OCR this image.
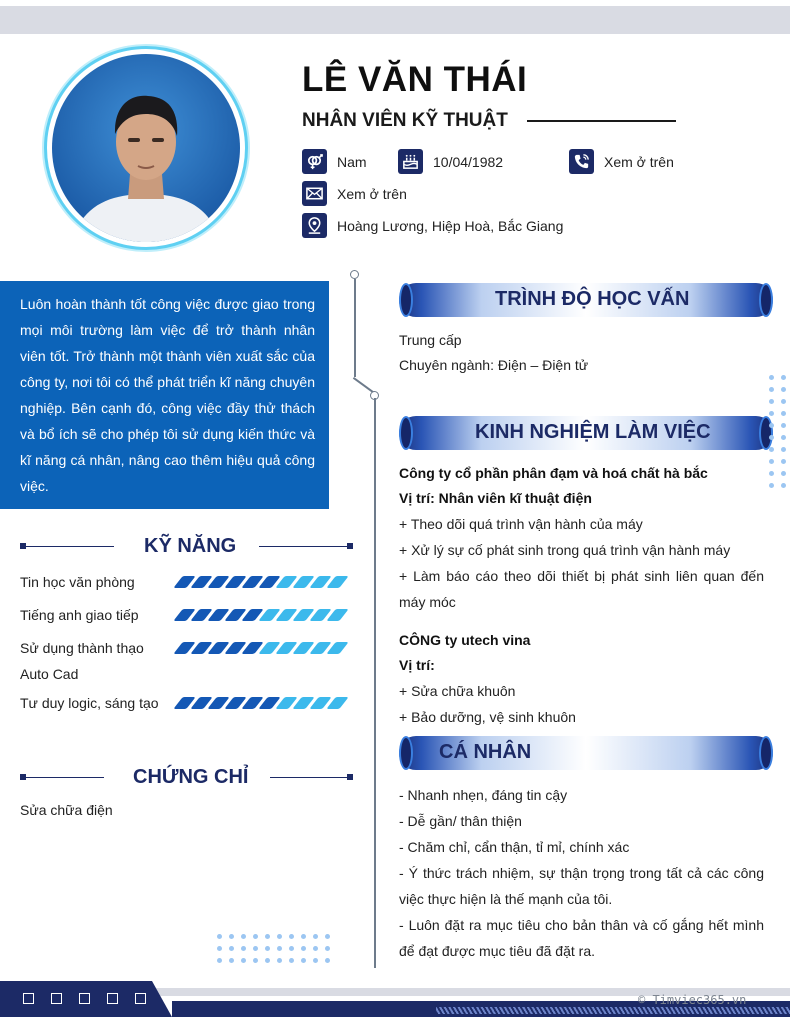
LÊ VĂN THÁI
NHÂN VIÊN KỸ THUẬT
Nam	10/04/1982	Xem ở trên
Xem ở trên
Hoàng Lương, Hiệp Hoà, Bắc Giang
Luôn hoàn thành tốt công việc được giao trong mọi môi trường làm việc để trở thành nhân viên tốt. Trở thành một thành viên xuất sắc của công ty, nơi tôi có thể phát triển kĩ năng chuyên nghiệp. Bên cạnh đó, công việc đầy thử thách và bổ ích sẽ cho phép tôi sử dụng kiến thức và kĩ năng cá nhân, nâng cao thêm hiệu quả công việc.
KỸ NĂNG
Tin học văn phòng
Tiếng anh giao tiếp
Sử dụng thành thạo Auto Cad
Tư duy logic, sáng tạo
CHỨNG CHỈ
Sửa chữa điện
TRÌNH ĐỘ HỌC VẤN
Trung cấp
Chuyên ngành: Điện – Điện tử
KINH NGHIỆM LÀM VIỆC
Công ty cổ phần phân đạm và hoá chất hà bắc
Vị trí: Nhân viên kĩ thuật điện
+ Theo dõi quá trình vận hành của máy
+ Xử lý sự cố phát sinh trong quá trình vận hành máy
+ Làm báo cáo theo dõi thiết bị phát sinh liên quan đến máy móc
CÔNG ty utech vina
Vị trí:
+ Sửa chữa khuôn
+ Bảo dưỡng, vệ sinh khuôn
CÁ NHÂN
- Nhanh nhẹn, đáng tin cậy
- Dễ gần/ thân thiện
- Chăm chỉ, cẩn thận, tỉ mỉ, chính xác
- Ý thức trách nhiệm, sự thận trọng trong tất cả các công việc thực hiện là thế mạnh của tôi.
- Luôn đặt ra mục tiêu cho bản thân và cố gắng hết mình để đạt được mục tiêu đã đặt ra.
© Timviec365.vn
